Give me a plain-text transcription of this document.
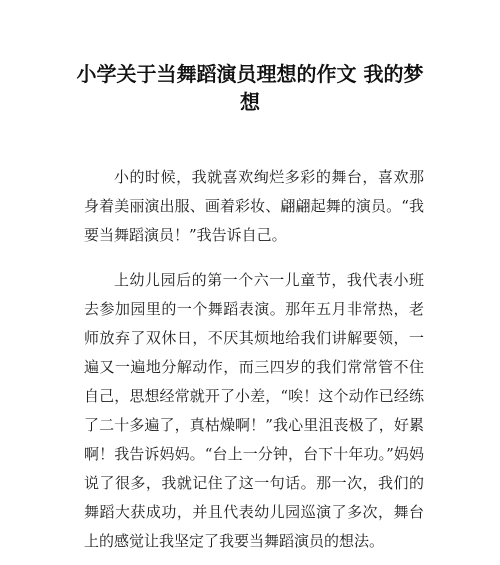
小学关于当舞蹈演员理想的作文 我的梦想

小的时候，我就喜欢绚烂多彩的舞台，喜欢那身着美丽演出服、画着彩妆、翩翩起舞的演员。“我要当舞蹈演员！”我告诉自己。

上幼儿园后的第一个六一儿童节，我代表小班去参加园里的一个舞蹈表演。那年五月非常热，老师放弃了双休日，不厌其烦地给我们讲解要领，一遍又一遍地分解动作，而三四岁的我们常常管不住自己，思想经常就开了小差，“唉！这个动作已经练了二十多遍了，真枯燥啊！”我心里沮丧极了，好累啊！我告诉妈妈。“台上一分钟，台下十年功。”妈妈说了很多，我就记住了这一句话。那一次，我们的舞蹈大获成功，并且代表幼儿园巡演了多次，舞台上的感觉让我坚定了我要当舞蹈演员的想法。
